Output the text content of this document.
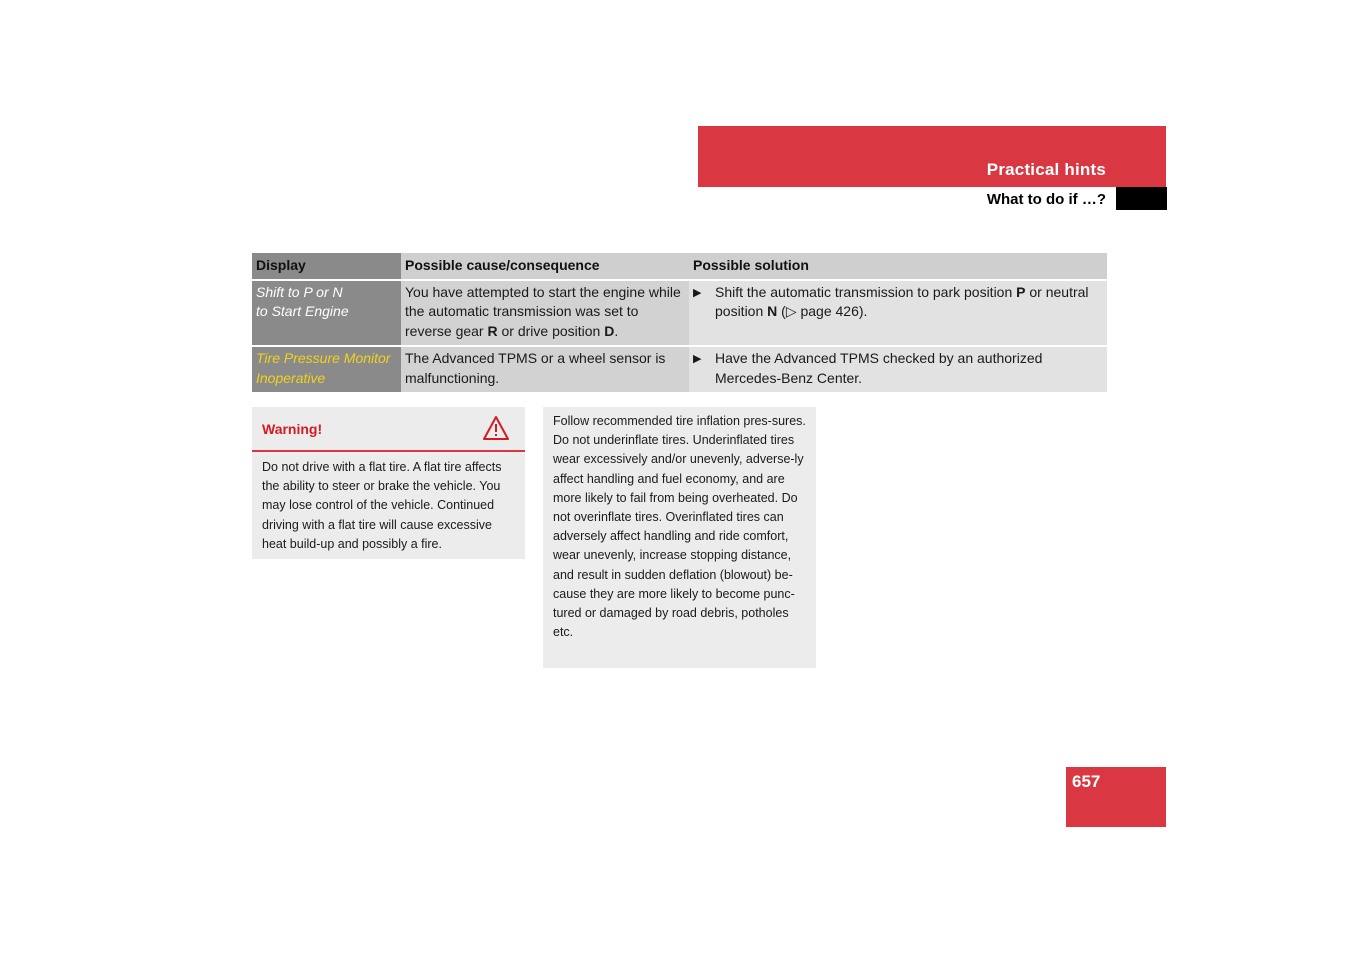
Practical hints
What to do if …?
Display	Possible cause/consequence	Possible solution
Shift to P or N
to Start Engine	You have attempted to start the engine while the automatic transmission was set to reverse gear R or drive position D.	▶ Shift the automatic transmission to park position P or neutral position N (▷ page 426).

Tire Pressure Monitor
Inoperative	The Advanced TPMS or a wheel sensor is malfunctioning.	▶ Have the Advanced TPMS checked by an authorized Mercedes-Benz Center.
Warning!
Do not drive with a flat tire. A flat tire affects the ability to steer or brake the vehicle. You may lose control of the vehicle. Continued driving with a flat tire will cause excessive heat build-up and possibly a fire.
Follow recommended tire inflation pres-sures.
Do not underinflate tires. Underinflated tires wear excessively and/or unevenly, adverse-ly affect handling and fuel economy, and are more likely to fail from being overheated. Do not overinflate tires. Overinflated tires can adversely affect handling and ride comfort, wear unevenly, increase stopping distance, and result in sudden deflation (blowout) be-cause they are more likely to become punc-tured or damaged by road debris, potholes etc.
657
